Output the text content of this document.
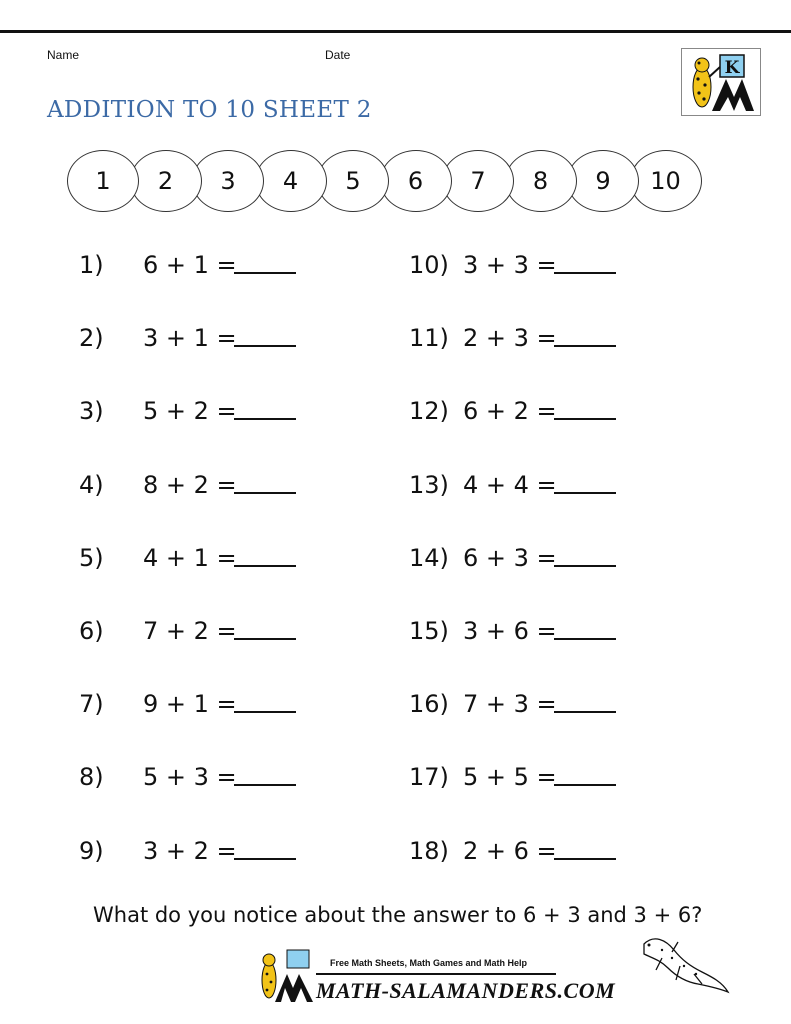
Name	Date
ADDITION TO 10 SHEET 2
K
1	2	3	4	5	6	7	8	9	10
1) 6 + 1 =
2) 3 + 1 =
3) 5 + 2 =
4) 8 + 2 =
5) 4 + 1 =
6) 7 + 2 =
7) 9 + 1 =
8) 5 + 3 =
9) 3 + 2 =
10) 3 + 3 =
11) 2 + 3 =
12) 6 + 2 =
13) 4 + 4 =
14) 6 + 3 =
15) 3 + 6 =
16) 7 + 3 =
17) 5 + 5 =
18) 2 + 6 =
What do you notice about the answer to 6 + 3 and 3 + 6?
Free Math Sheets, Math Games and Math Help
MATH-SALAMANDERS.COM
